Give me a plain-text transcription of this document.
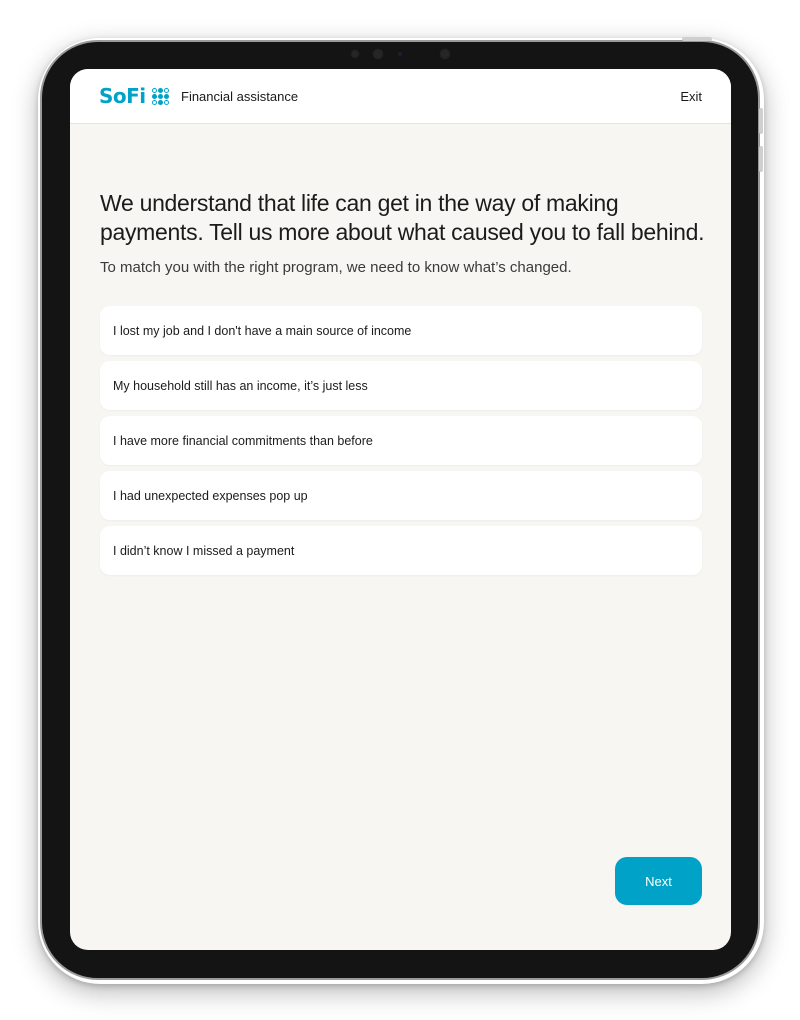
SoFi	Financial assistance	Exit
We understand that life can get in the way of making payments. Tell us more about what caused you to fall behind.
To match you with the right program, we need to know what’s changed.
I lost my job and I don't have a main source of income
My household still has an income, it’s just less
I have more financial commitments than before
I had unexpected expenses pop up
I didn’t know I missed a payment
Next
